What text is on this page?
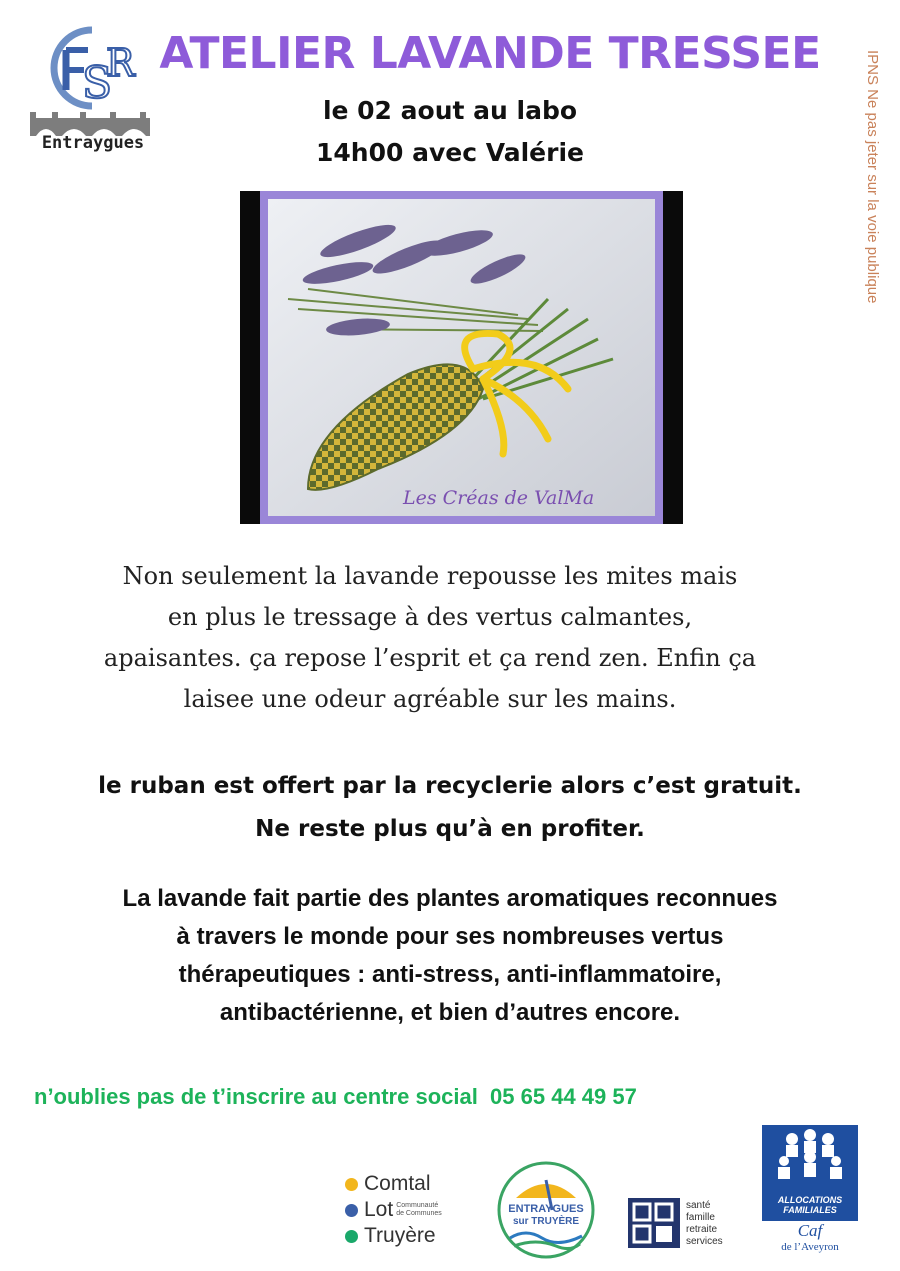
S
R
Entraygues
ATELIER LAVANDE TRESSEE
le 02 aout au labo
14h00 avec Valérie	IPNS Ne pas jeter sur la voie publique
Les Créas de ValMa
Non seulement la lavande repousse les mites mais
en plus le tressage à des vertus calmantes,
apaisantes. ça repose l’esprit et ça rend zen. Enfin ça
laisee une odeur agréable sur les mains.
le ruban est offert par la recyclerie alors c’est gratuit.
Ne reste plus qu’à en profiter.
La lavande fait partie des plantes aromatiques reconnues
à travers le monde pour ses nombreuses vertus
thérapeutiques : anti-stress, anti-inflammatoire,
antibactérienne, et bien d’autres encore.
n’oublies pas de t’inscrire au centre social  05 65 44 49 57
Comtal
Lot Communauté de Communes
Truyère
ENTRAYGUES
sur TRUYÈRE
santé
famille
retraite
services
ALLOCATIONS FAMILIALES
Caf
de l’Aveyron
